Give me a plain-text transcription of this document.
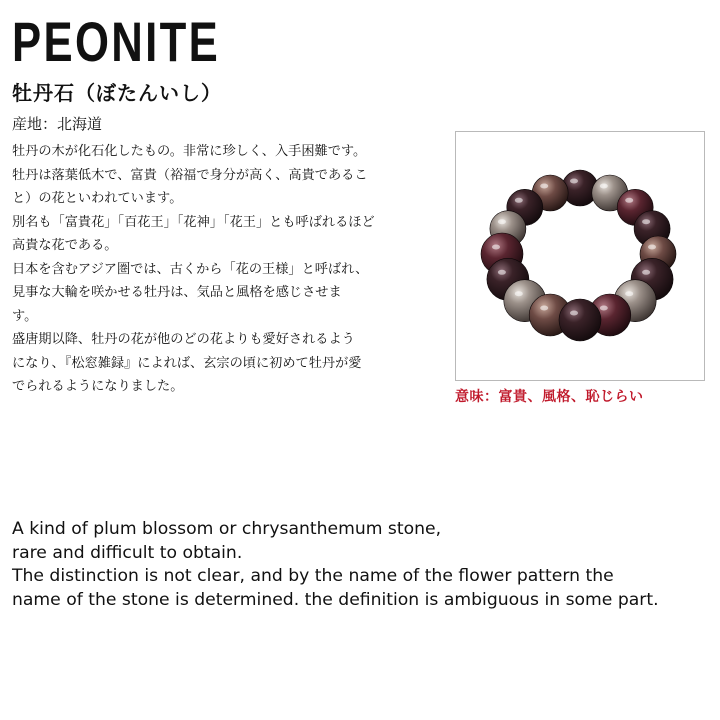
PEONITE
牡丹石（ぼたんいし）
産地：北海道
牡丹の木が化石化したもの。非常に珍しく、入手困難です。
牡丹は落葉低木で、富貴（裕福で身分が高く、高貴であるこ
と）の花といわれています。
別名も「富貴花」「百花王」「花神」「花王」とも呼ばれるほど
高貴な花である。
日本を含むアジア圏では、古くから「花の王様」と呼ばれ、
見事な大輪を咲かせる牡丹は、気品と風格を感じさせま
す。
盛唐期以降、牡丹の花が他のどの花よりも愛好されるよう
になり、『松窓雑録』によれば、玄宗の頃に初めて牡丹が愛
でられるようになりました。
意味：富貴、風格、恥じらい
A kind of plum blossom or chrysanthemum stone,
rare and difficult to obtain.
The distinction is not clear, and by the name of the flower pattern the
name of the stone is determined. the definition is ambiguous in some part.
